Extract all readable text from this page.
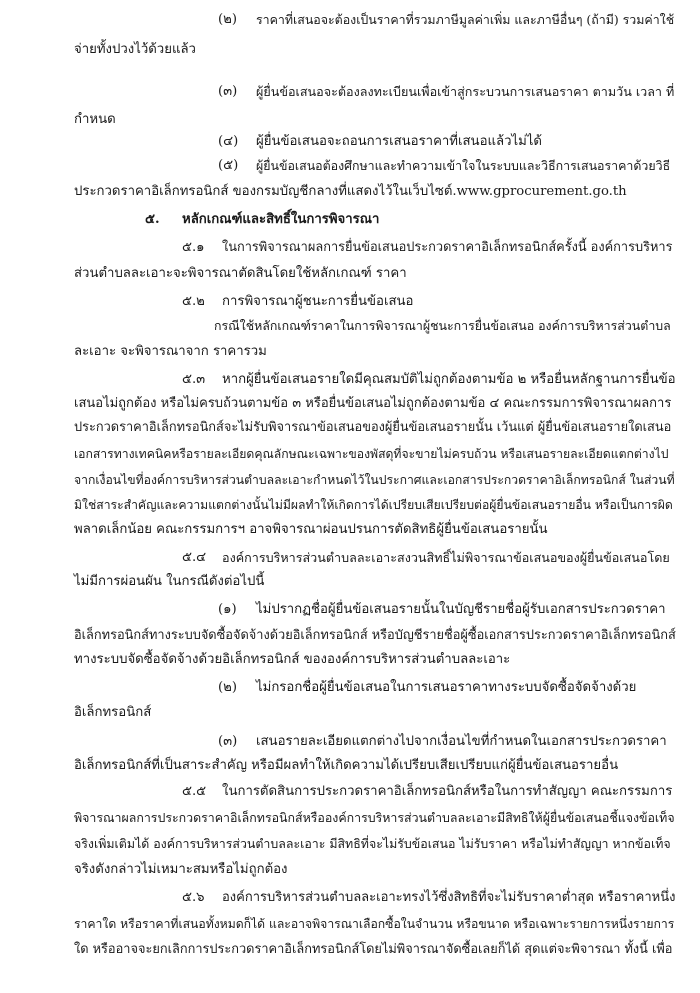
(๒) ราคาที่เสนอจะต้องเป็นราคาที่รวมภาษีมูลค่าเพิ่ม และภาษีอื่นๆ (ถ้ามี) รวมค่าใช้
จ่ายทั้งปวงไว้ด้วยแล้ว
(๓) ผู้ยื่นข้อเสนอจะต้องลงทะเบียนเพื่อเข้าสู่กระบวนการเสนอราคา ตามวัน เวลา ที่
กำหนด
(๔) ผู้ยื่นข้อเสนอจะถอนการเสนอราคาที่เสนอแล้วไม่ได้
(๕) ผู้ยื่นข้อเสนอต้องศึกษาและทำความเข้าใจในระบบและวิธีการเสนอราคาด้วยวิธี
ประกวดราคาอิเล็กทรอนิกส์ ของกรมบัญชีกลางที่แสดงไว้ในเว็บไซต์.www.gprocurement.go.th
๕. หลักเกณฑ์และสิทธิ์ในการพิจารณา
๕.๑ ในการพิจารณาผลการยื่นข้อเสนอประกวดราคาอิเล็กทรอนิกส์ครั้งนี้ องค์การบริหาร
ส่วนตำบลละเอาะจะพิจารณาตัดสินโดยใช้หลักเกณฑ์ ราคา
๕.๒ การพิจารณาผู้ชนะการยื่นข้อเสนอ
กรณีใช้หลักเกณฑ์ราคาในการพิจารณาผู้ชนะการยื่นข้อเสนอ องค์การบริหารส่วนตำบล
ละเอาะ จะพิจารณาจาก ราคารวม
๕.๓ หากผู้ยื่นข้อเสนอรายใดมีคุณสมบัติไม่ถูกต้องตามข้อ ๒ หรือยื่นหลักฐานการยื่นข้อ
เสนอไม่ถูกต้อง หรือไม่ครบถ้วนตามข้อ ๓ หรือยื่นข้อเสนอไม่ถูกต้องตามข้อ ๔ คณะกรรมการพิจารณาผลการ
ประกวดราคาอิเล็กทรอนิกส์จะไม่รับพิจารณาข้อเสนอของผู้ยื่นข้อเสนอรายนั้น เว้นแต่ ผู้ยื่นข้อเสนอรายใดเสนอ
เอกสารทางเทคนิคหรือรายละเอียดคุณลักษณะเฉพาะของพัสดุที่จะขายไม่ครบถ้วน หรือเสนอรายละเอียดแตกต่างไป
จากเงื่อนไขที่องค์การบริหารส่วนตำบลละเอาะกำหนดไว้ในประกาศและเอกสารประกวดราคาอิเล็กทรอนิกส์ ในส่วนที่
มิใช่สาระสำคัญและความแตกต่างนั้นไม่มีผลทำให้เกิดการได้เปรียบเสียเปรียบต่อผู้ยื่นข้อเสนอรายอื่น หรือเป็นการผิด
พลาดเล็กน้อย คณะกรรมการฯ อาจพิจารณาผ่อนปรนการตัดสิทธิผู้ยื่นข้อเสนอรายนั้น
๕.๔ องค์การบริหารส่วนตำบลละเอาะสงวนสิทธิ์ไม่พิจารณาข้อเสนอของผู้ยื่นข้อเสนอโดย
ไม่มีการผ่อนผัน ในกรณีดังต่อไปนี้
(๑) ไม่ปรากฏชื่อผู้ยื่นข้อเสนอรายนั้นในบัญชีรายชื่อผู้รับเอกสารประกวดราคา
อิเล็กทรอนิกส์ทางระบบจัดซื้อจัดจ้างด้วยอิเล็กทรอนิกส์ หรือบัญชีรายชื่อผู้ซื้อเอกสารประกวดราคาอิเล็กทรอนิกส์
ทางระบบจัดซื้อจัดจ้างด้วยอิเล็กทรอนิกส์ ขององค์การบริหารส่วนตำบลละเอาะ
(๒) ไม่กรอกชื่อผู้ยื่นข้อเสนอในการเสนอราคาทางระบบจัดซื้อจัดจ้างด้วย
อิเล็กทรอนิกส์
(๓) เสนอรายละเอียดแตกต่างไปจากเงื่อนไขที่กำหนดในเอกสารประกวดราคา
อิเล็กทรอนิกส์ที่เป็นสาระสำคัญ หรือมีผลทำให้เกิดความได้เปรียบเสียเปรียบแก่ผู้ยื่นข้อเสนอรายอื่น
๕.๕ ในการตัดสินการประกวดราคาอิเล็กทรอนิกส์หรือในการทำสัญญา คณะกรรมการ
พิจารณาผลการประกวดราคาอิเล็กทรอนิกส์หรือองค์การบริหารส่วนตำบลละเอาะมีสิทธิให้ผู้ยื่นข้อเสนอชี้แจงข้อเท็จ
จริงเพิ่มเติมได้ องค์การบริหารส่วนตำบลละเอาะ มีสิทธิที่จะไม่รับข้อเสนอ ไม่รับราคา หรือไม่ทำสัญญา หากข้อเท็จ
จริงดังกล่าวไม่เหมาะสมหรือไม่ถูกต้อง
๕.๖ องค์การบริหารส่วนตำบลละเอาะทรงไว้ซึ่งสิทธิที่จะไม่รับราคาต่ำสุด หรือราคาหนึ่ง
ราคาใด หรือราคาที่เสนอทั้งหมดก็ได้ และอาจพิจารณาเลือกซื้อในจำนวน หรือขนาด หรือเฉพาะรายการหนึ่งรายการ
ใด หรืออาจจะยกเลิกการประกวดราคาอิเล็กทรอนิกส์โดยไม่พิจารณาจัดซื้อเลยก็ได้ สุดแต่จะพิจารณา ทั้งนี้ เพื่อ
